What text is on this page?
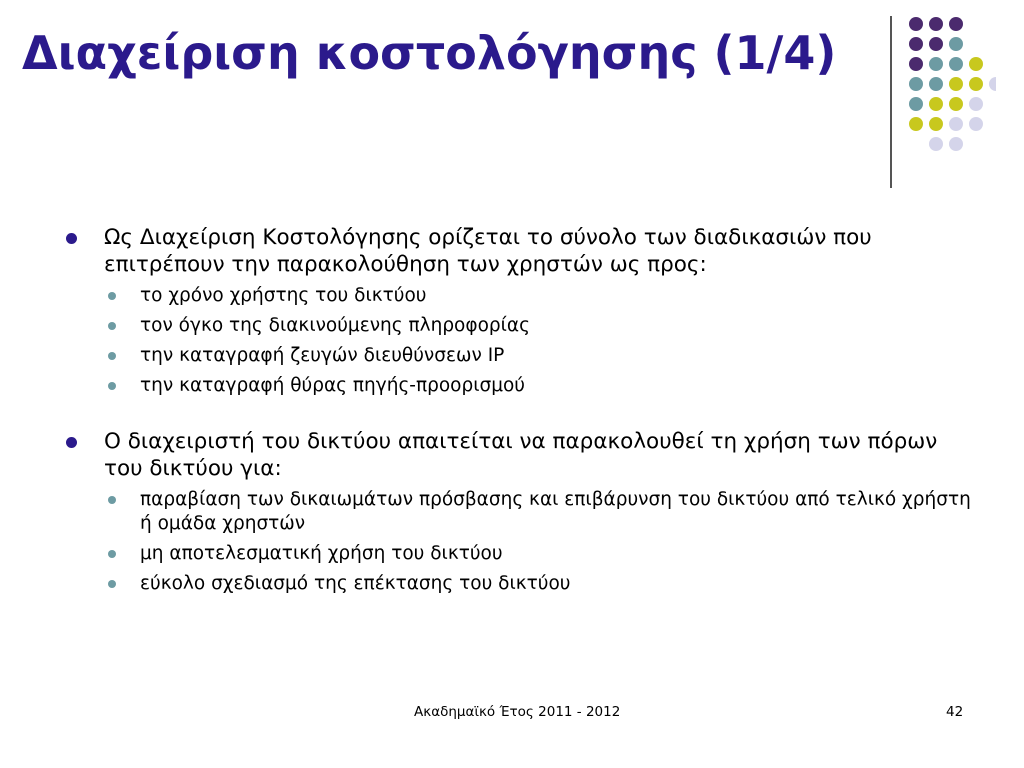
Διαχείριση κοστολόγησης (1/4)
Ως Διαχείριση Κοστολόγησης ορίζεται το σύνολο των διαδικασιών που επιτρέπουν την παρακολούθηση των χρηστών ως προς:
το χρόνο χρήστης του δικτύου
τον όγκο της διακινούμενης πληροφορίας
την καταγραφή ζευγών διευθύνσεων IP
την καταγραφή θύρας πηγής-προορισμού
Ο διαχειριστή του δικτύου απαιτείται να παρακολουθεί τη χρήση των πόρων του δικτύου για:
παραβίαση των δικαιωμάτων πρόσβασης και επιβάρυνση του δικτύου από τελικό χρήστη ή ομάδα χρηστών
μη αποτελεσματική χρήση του δικτύου
εύκολο σχεδιασμό της επέκτασης του δικτύου
Ακαδημαϊκό Έτος 2011 - 2012	42
